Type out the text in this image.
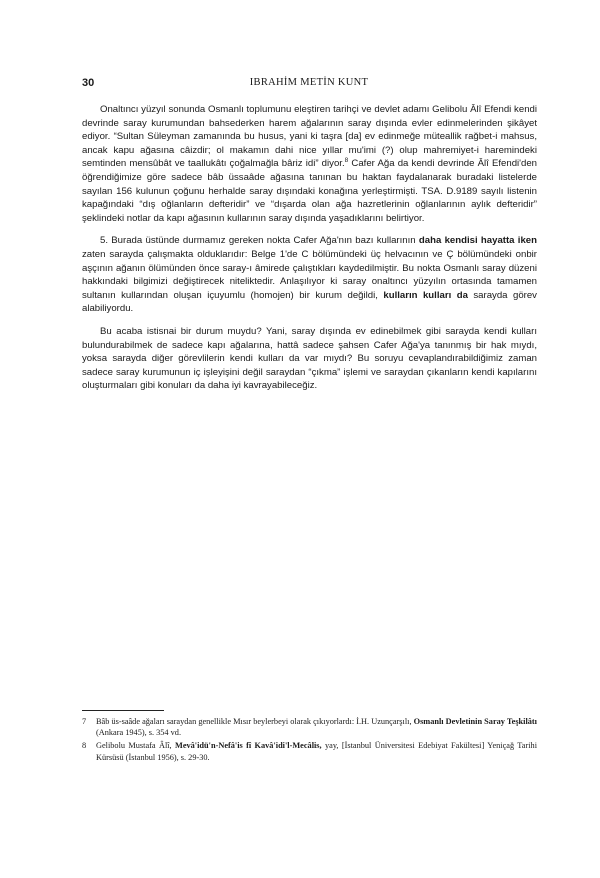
30	IBRAHİM METİN KUNT

Onaltıncı yüzyıl sonunda Osmanlı toplumunu eleştiren tarihçi ve devlet adamı Gelibolu Âlî Efendi kendi devrinde saray kurumundan bahsederken harem ağalarının saray dışında evler edinmelerinden şikâyet ediyor. “Sultan Süleyman zamanında bu husus, yani ki taşra [da] ev edinmeğe müteallik rağbet-i mahsus, ancak kapu ağasına câizdir; ol makamın dahi nice yıllar mu'imi (?) olup mahremiyet-i haremindeki semtinden mensûbât ve taallukâtı çoğalmağla bâriz idi” diyor.$^8$ Cafer Ağa da kendi devrinde Âlî Efendi'den öğrendiğimize göre sadece bâb üssaâde ağasına tanınan bu haktan faydalanarak buradaki listelerde sayılan 156 kulunun çoğunu herhalde saray dışındaki konağına yerleştirmişti. TSA. D.9189 sayılı listenin kapağındaki “dış oğlanların defteridir” ve “dışarda olan ağa hazretlerinin oğlanlarının aylık defteridir” şeklindeki notlar da kapı ağasının kullarının saray dışında yaşadıklarını belirtiyor.

5. Burada üstünde durmamız gereken nokta Cafer Ağa'nın bazı kullarının daha kendisi hayatta iken zaten sarayda çalışmakta olduklarıdır: Belge 1'de C bölümündeki üç helvacının ve Ç bölümündeki onbir aşçının ağanın ölümünden önce saray-ı âmirede çalıştıkları kaydedilmiştir. Bu nokta Osmanlı saray düzeni hakkındaki bilgimizi değiştirecek niteliktedir. Anlaşılıyor ki saray onaltıncı yüzyılın ortasında tamamen sultanın kullarından oluşan içuyumlu (homojen) bir kurum değildi, kulların kulları da sarayda görev alabiliyordu.

Bu acaba istisnai bir durum muydu? Yani, saray dışında ev edinebilmek gibi sarayda kendi kulları bulundurabilmek de sadece kapı ağalarına, hattâ sadece şahsen Cafer Ağa'ya tanınmış bir hak mıydı, yoksa sarayda diğer görevlilerin kendi kulları da var mıydı? Bu soruyu cevaplandırabildiğimiz zaman sadece saray kurumunun iç işleyişini değil saraydan “çıkma” işlemi ve saraydan çıkanların kendi kapılarını oluşturmaları gibi konuları da daha iyi kavrayabileceğiz.

7 Bâb üs-saâde ağaları saraydan genellikle Mısır beylerbeyi olarak çıkıyorlardı: İ.H. Uzunçarşılı, Osmanlı Devletinin Saray Teşkilâtı (Ankara 1945), s. 354 vd.
8 Gelibolu Mustafa Âlî, Mevâ'idü'n-Nefâ'is fî Kavâ'idi'l-Mecâlis, yay, [İstanbul Üniversitesi Edebiyat Fakültesi] Yeniçağ Tarihi Kürsüsü (İstanbul 1956), s. 29-30.
